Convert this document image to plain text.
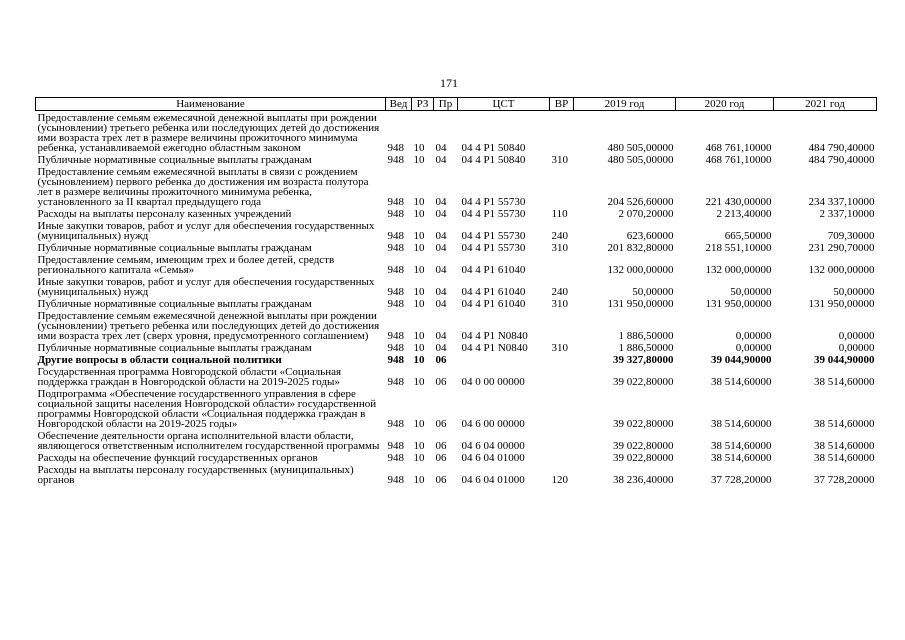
171
Наименование	Вед	РЗ	Пр	ЦСТ	ВР	2019 год	2020 год	2021 год
Предоставление семьям ежемесячной денежной выплаты при рождении (усыновлении) третьего ребенка или последующих детей до достижения ими возраста трех лет в размере величины прожиточного минимума ребенка, устанавливаемой ежегодно областным законом	948	10	04	04 4 P1 50840		480 505,00000	468 761,10000	484 790,40000
Публичные нормативные социальные выплаты гражданам	948	10	04	04 4 P1 50840	310	480 505,00000	468 761,10000	484 790,40000
Предоставление семьям ежемесячной выплаты в связи с рождением (усыновлением) первого ребенка до достижения им возраста полутора лет в размере величины прожиточного минимума ребенка, установленного за II квартал предыдущего года	948	10	04	04 4 P1 55730		204 526,60000	221 430,00000	234 337,10000
Расходы на выплаты персоналу казенных учреждений	948	10	04	04 4 P1 55730	110	2 070,20000	2 213,40000	2 337,10000
Иные закупки товаров, работ и услуг для обеспечения государственных (муниципальных) нужд	948	10	04	04 4 P1 55730	240	623,60000	665,50000	709,30000
Публичные нормативные социальные выплаты гражданам	948	10	04	04 4 P1 55730	310	201 832,80000	218 551,10000	231 290,70000
Предоставление семьям, имеющим трех и более детей, средств регионального капитала «Семья»	948	10	04	04 4 P1 61040		132 000,00000	132 000,00000	132 000,00000
Иные закупки товаров, работ и услуг для обеспечения государственных (муниципальных) нужд	948	10	04	04 4 P1 61040	240	50,00000	50,00000	50,00000
Публичные нормативные социальные выплаты гражданам	948	10	04	04 4 P1 61040	310	131 950,00000	131 950,00000	131 950,00000
Предоставление семьям ежемесячной денежной выплаты при рождении (усыновлении) третьего ребенка или последующих детей до достижения ими возраста трех лет (сверх уровня, предусмотренного соглашением)	948	10	04	04 4 P1 N0840		1 886,50000	0,00000	0,00000
Публичные нормативные социальные выплаты гражданам	948	10	04	04 4 P1 N0840	310	1 886,50000	0,00000	0,00000
Другие вопросы в области социальной политики	948	10	06			39 327,80000	39 044,90000	39 044,90000
Государственная программа Новгородской области «Социальная поддержка граждан в Новгородской области на 2019-2025 годы»	948	10	06	04 0 00 00000		39 022,80000	38 514,60000	38 514,60000
Подпрограмма «Обеспечение государственного управления в сфере социальной защиты населения Новгородской области» государственной программы Новгородской области «Социальная поддержка граждан в Новгородской области на 2019-2025 годы»	948	10	06	04 6 00 00000		39 022,80000	38 514,60000	38 514,60000
Обеспечение деятельности органа исполнительной власти области, являющегося ответственным исполнителем государственной программы	948	10	06	04 6 04 00000		39 022,80000	38 514,60000	38 514,60000
Расходы на обеспечение функций государственных органов	948	10	06	04 6 04 01000		39 022,80000	38 514,60000	38 514,60000
Расходы на выплаты персоналу государственных (муниципальных) органов	948	10	06	04 6 04 01000	120	38 236,40000	37 728,20000	37 728,20000
